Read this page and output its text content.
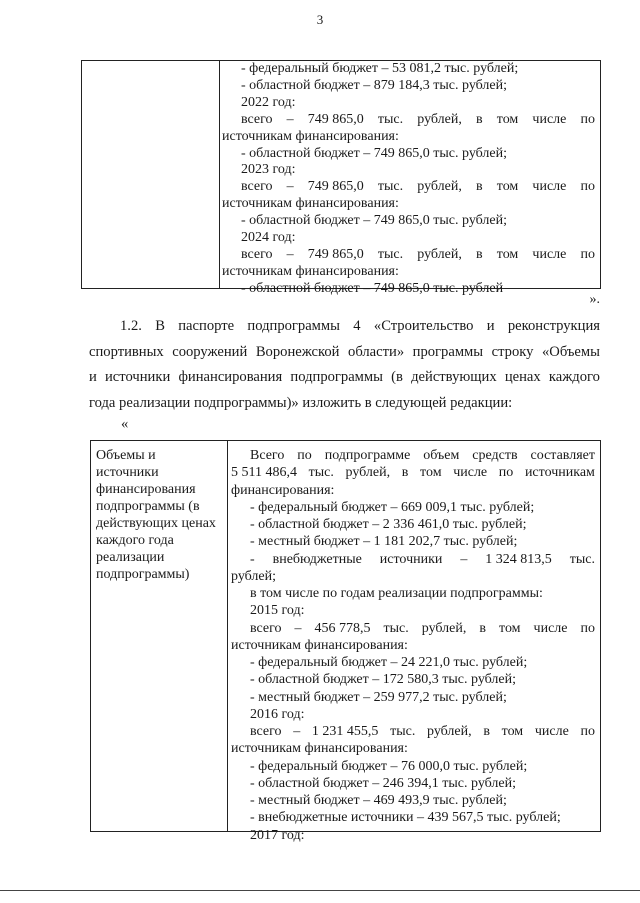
3
- федеральный бюджет – 53 081,2 тыс. рублей;
- областной бюджет – 879 184,3 тыс. рублей;
2022 год:
всего – 749 865,0 тыс. рублей, в том числе по
источникам финансирования:
- областной бюджет – 749 865,0 тыс. рублей;
2023 год:
всего – 749 865,0 тыс. рублей, в том числе по
источникам финансирования:
- областной бюджет – 749 865,0 тыс. рублей;
2024 год:
всего – 749 865,0 тыс. рублей, в том числе по
источникам финансирования:
- областной бюджет – 749 865,0 тыс. рублей
».
1.2. В паспорте подпрограммы 4 «Строительство и реконструкция
спортивных сооружений Воронежской области» программы строку «Объемы
и источники финансирования подпрограммы (в действующих ценах каждого
года реализации подпрограммы)» изложить в следующей редакции:
«
Объемы и
источники
финансирования
подпрограммы (в
действующих ценах
каждого года
реализации
подпрограммы)
Всего по подпрограмме объем средств составляет
5 511 486,4 тыс. рублей, в том числе по источникам
финансирования:
- федеральный бюджет – 669 009,1 тыс. рублей;
- областной бюджет – 2 336 461,0 тыс. рублей;
- местный бюджет – 1 181 202,7 тыс. рублей;
- внебюджетные источники – 1 324 813,5 тыс.
рублей;
в том числе по годам реализации подпрограммы:
2015 год:
всего – 456 778,5 тыс. рублей, в том числе по
источникам финансирования:
- федеральный бюджет – 24 221,0 тыс. рублей;
- областной бюджет – 172 580,3 тыс. рублей;
- местный бюджет – 259 977,2 тыс. рублей;
2016 год:
всего – 1 231 455,5 тыс. рублей, в том числе по
источникам финансирования:
- федеральный бюджет – 76 000,0 тыс. рублей;
- областной бюджет – 246 394,1 тыс. рублей;
- местный бюджет – 469 493,9 тыс. рублей;
- внебюджетные источники – 439 567,5 тыс. рублей;
2017 год:
